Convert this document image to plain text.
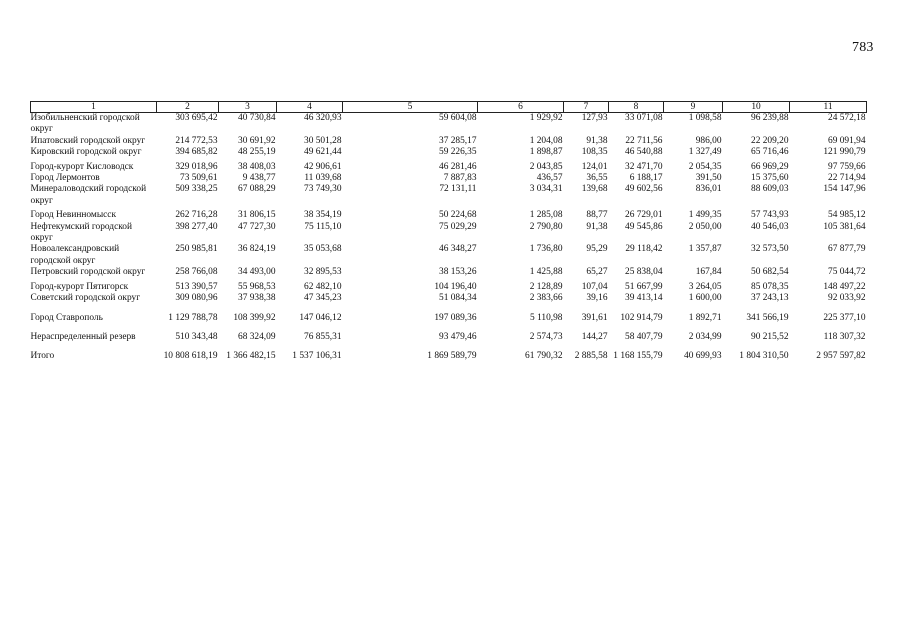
783
1	2	3	4	5	6	7	8	9	10	11
Изобильненский городской округ	303 695,42	40 730,84	46 320,93	59 604,08	1 929,92	127,93	33 071,08	1 098,58	96 239,88	24 572,18
Ипатовский городской округ	214 772,53	30 691,92	30 501,28	37 285,17	1 204,08	91,38	22 711,56	986,00	22 209,20	69 091,94
Кировский городской округ	394 685,82	48 255,19	49 621,44	59 226,35	1 898,87	108,35	46 540,88	1 327,49	65 716,46	121 990,79
Город-курорт Кисловодск	329 018,96	38 408,03	42 906,61	46 281,46	2 043,85	124,01	32 471,70	2 054,35	66 969,29	97 759,66
Город Лермонтов	73 509,61	9 438,77	11 039,68	7 887,83	436,57	36,55	6 188,17	391,50	15 375,60	22 714,94
Минераловодский городской округ	509 338,25	67 088,29	73 749,30	72 131,11	3 034,31	139,68	49 602,56	836,01	88 609,03	154 147,96
Город Невинномысск	262 716,28	31 806,15	38 354,19	50 224,68	1 285,08	88,77	26 729,01	1 499,35	57 743,93	54 985,12
Нефтекумский городской округ	398 277,40	47 727,30	75 115,10	75 029,29	2 790,80	91,38	49 545,86	2 050,00	40 546,03	105 381,64
Новоалександровский городской округ	250 985,81	36 824,19	35 053,68	46 348,27	1 736,80	95,29	29 118,42	1 357,87	32 573,50	67 877,79
Петровский городской округ	258 766,08	34 493,00	32 895,53	38 153,26	1 425,88	65,27	25 838,04	167,84	50 682,54	75 044,72
Город-курорт Пятигорск	513 390,57	55 968,53	62 482,10	104 196,40	2 128,89	107,04	51 667,99	3 264,05	85 078,35	148 497,22
Советский городской округ	309 080,96	37 938,38	47 345,23	51 084,34	2 383,66	39,16	39 413,14	1 600,00	37 243,13	92 033,92
Город Ставрополь	1 129 788,78	108 399,92	147 046,12	197 089,36	5 110,98	391,61	102 914,79	1 892,71	341 566,19	225 377,10
Нераспределенный резерв	510 343,48	68 324,09	76 855,31	93 479,46	2 574,73	144,27	58 407,79	2 034,99	90 215,52	118 307,32
Итого	10 808 618,19	1 366 482,15	1 537 106,31	1 869 589,79	61 790,32	2 885,58	1 168 155,79	40 699,93	1 804 310,50	2 957 597,82
